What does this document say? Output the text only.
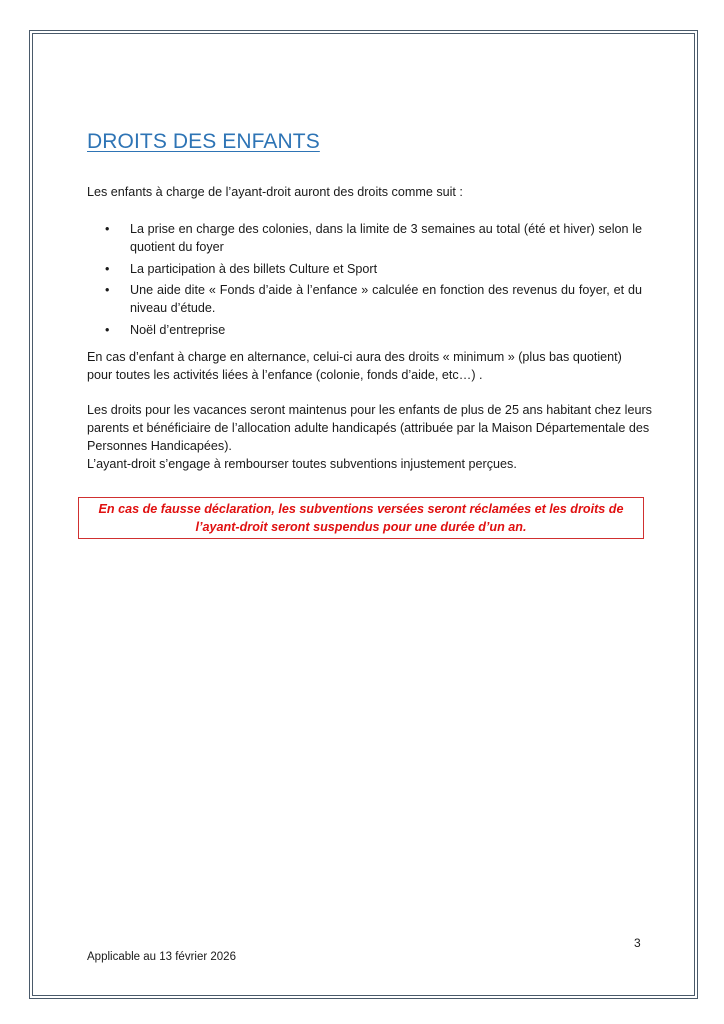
DROITS DES ENFANTS
Les enfants à charge de l’ayant-droit auront des droits comme suit :
• La prise en charge des colonies, dans la limite de 3 semaines au total (été et hiver) selon le quotient du foyer
• La participation à des billets Culture et Sport
• Une aide dite « Fonds d’aide à l’enfance » calculée en fonction des revenus du foyer, et du niveau d’étude.
• Noël d’entreprise
En cas d’enfant à charge en alternance, celui-ci aura des droits « minimum » (plus bas quotient) pour toutes les activités liées à l’enfance (colonie, fonds d’aide, etc…) .

Les droits pour les vacances seront maintenus pour les enfants de plus de 25 ans habitant chez leurs parents et bénéficiaire de l’allocation adulte handicapés (attribuée par la Maison Départementale des Personnes Handicapées).

L’ayant-droit s’engage à rembourser toutes subventions injustement perçues.

En cas de fausse déclaration, les subventions versées seront réclamées et les droits de l’ayant-droit seront suspendus pour une durée d’un an.
3
Applicable au 13 février 2026
